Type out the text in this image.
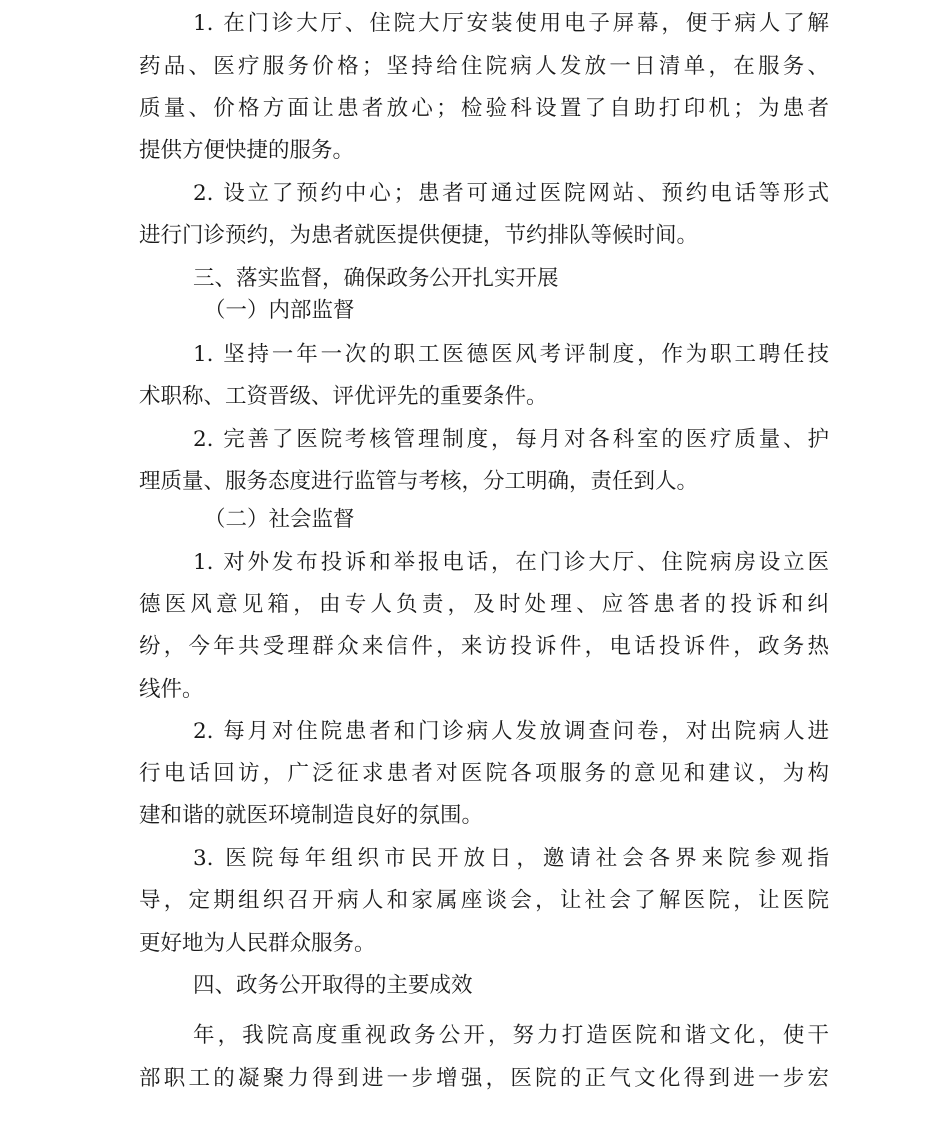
1. 在门诊大厅、住院大厅安装使用电子屏幕，便于病人了解
药品、医疗服务价格；坚持给住院病人发放一日清单，在服务、
质量、价格方面让患者放心；检验科设置了自助打印机；为患者
提供方便快捷的服务。
2. 设立了预约中心；患者可通过医院网站、预约电话等形式
进行门诊预约，为患者就医提供便捷，节约排队等候时间。
三、落实监督，确保政务公开扎实开展
（一）内部监督
1. 坚持一年一次的职工医德医风考评制度，作为职工聘任技
术职称、工资晋级、评优评先的重要条件。
2. 完善了医院考核管理制度，每月对各科室的医疗质量、护
理质量、服务态度进行监管与考核，分工明确，责任到人。
（二）社会监督
1. 对外发布投诉和举报电话，在门诊大厅、住院病房设立医
德医风意见箱，由专人负责，及时处理、应答患者的投诉和纠
纷，今年共受理群众来信件，来访投诉件，电话投诉件，政务热
线件。
2. 每月对住院患者和门诊病人发放调查问卷，对出院病人进
行电话回访，广泛征求患者对医院各项服务的意见和建议，为构
建和谐的就医环境制造良好的氛围。
3. 医院每年组织市民开放日，邀请社会各界来院参观指
导，定期组织召开病人和家属座谈会，让社会了解医院，让医院
更好地为人民群众服务。
四、政务公开取得的主要成效
年，我院高度重视政务公开，努力打造医院和谐文化，使干
部职工的凝聚力得到进一步增强，医院的正气文化得到进一步宏
